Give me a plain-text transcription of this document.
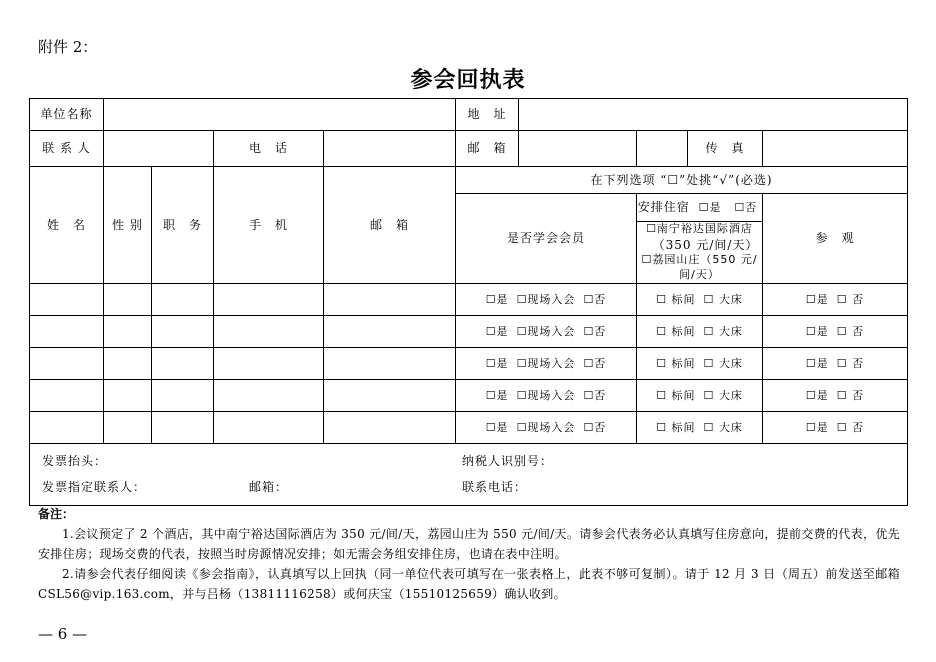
附件 2：
参会回执表
单位名称					地　址		

联 系 人			电　话		邮　箱	传　真	

姓　名	性 别	职　务	手　机	邮　箱	在下列选项 “☐”处挑“√”(必选)		
					是否学会会员	安排住宿 ☐是 ☐否	参　观

						☐南宁裕达国际酒店
（350 元/间/天）
☐荔园山庄（550 元/间/天）	

					☐是 ☐现场入会 ☐否	☐ 标间 ☐ 大床	☐是 ☐ 否
					☐是 ☐现场入会 ☐否	☐ 标间 ☐ 大床	☐是 ☐ 否
					☐是 ☐现场入会 ☐否	☐ 标间 ☐ 大床	☐是 ☐ 否
					☐是 ☐现场入会 ☐否	☐ 标间 ☐ 大床	☐是 ☐ 否
					☐是 ☐现场入会 ☐否	☐ 标间 ☐ 大床	☐是 ☐ 否

发票抬头： 纳税人识别号：
发票指定联系人： 邮箱： 联系电话：							
备注：

1.会议预定了 2 个酒店，其中南宁裕达国际酒店为 350 元/间/天，荔园山庄为 550 元/间/天。请参会代表务必认真填写住房意向，提前交费的代表，优先安排住房；现场交费的代表，按照当时房源情况安排；如无需会务组安排住房，也请在表中注明。

2.请参会代表仔细阅读《参会指南》，认真填写以上回执（同一单位代表可填写在一张表格上，此表不够可复制）。请于 12 月 3 日（周五）前发送至邮箱 CSL56@vip.163.com，并与吕杨（13811116258）或何庆宝（15510125659）确认收到。

— 6 —
